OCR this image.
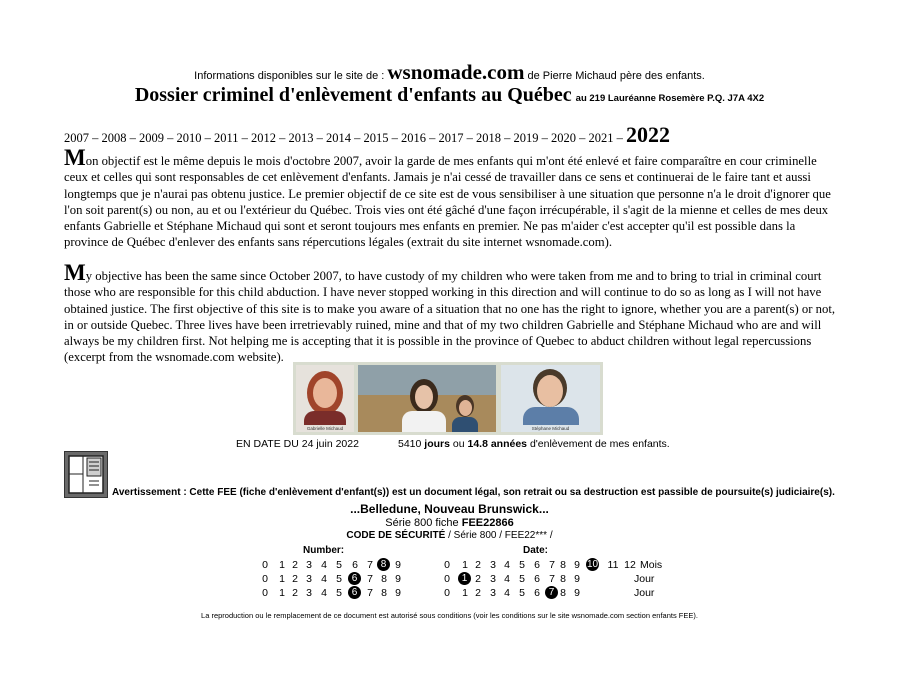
Informations disponibles sur le site de : wsnomade.com de Pierre Michaud père des enfants.
Dossier criminel d'enlèvement d'enfants au Québec au 219 Lauréanne Rosemère P.Q. J7A 4X2
2007 – 2008 – 2009 – 2010 – 2011 – 2012 – 2013 – 2014 – 2015 – 2016 – 2017 – 2018 – 2019 – 2020 – 2021 – 2022
Mon objectif est le même depuis le mois d'octobre 2007, avoir la garde de mes enfants qui m'ont été enlevé et faire comparaître en cour criminelle ceux et celles qui sont responsables de cet enlèvement d'enfants. Jamais je n'ai cessé de travailler dans ce sens et continuerai de le faire tant et aussi longtemps que je n'aurai pas obtenu justice. Le premier objectif de ce site est de vous sensibiliser à une situation que personne n'a le droit d'ignorer que l'on soit parent(s) ou non, au et ou l'extérieur du Québec. Trois vies ont été gâché d'une façon irrécupérable, il s'agit de la mienne et celles de mes deux enfants Gabrielle et Stéphane Michaud qui sont et seront toujours mes enfants en premier. Ne pas m'aider c'est accepter qu'il est possible dans la province de Québec d'enlever des enfants sans répercutions légales (extrait du site internet wsnomade.com).
My objective has been the same since October 2007, to have custody of my children who were taken from me and to bring to trial in criminal court those who are responsible for this child abduction. I have never stopped working in this direction and will continue to do so as long as I will not have obtained justice. The first objective of this site is to make you aware of a situation that no one has the right to ignore, whether you are a parent(s) or not, in or outside Quebec. Three lives have been irretrievably ruined, mine and that of my two children Gabrielle and Stéphane Michaud who are and will always be my children first. Not helping me is accepting that it is possible in the province of Quebec to abduct children without legal repercussions (excerpt from the wsnomade.com website).
Gabrielle Michaud	Stéphane Michaud
EN DATE DU 24 juin 2022	5410 jours ou 14.8 années d'enlèvement de mes enfants.
Avertissement : Cette FEE (fiche d'enlèvement d'enfant(s)) est un document légal, son retrait ou sa destruction est passible de poursuite(s) judiciaire(s).
...Belledune, Nouveau Brunswick...
Série 800 fiche FEE22866
CODE DE SÉCURITÉ / Série 800 / FEE22*** /
Number:	Date:
0	1 2 3 4 5 6 7 8 9
0	1 2 3 4 5 6 7 8 9
0	1 2 3 4 5 6 7 8 9
0	1 2 3 4 5 6 7 8 9 10 11 12 Mois
0	1 2 3 4 5 6 7 8 9	Jour
0	1 2 3 4 5 6 7 8 9	Jour
La reproduction ou le remplacement de ce document est autorisé sous conditions (voir les conditions sur le site wsnomade.com section enfants FEE).
